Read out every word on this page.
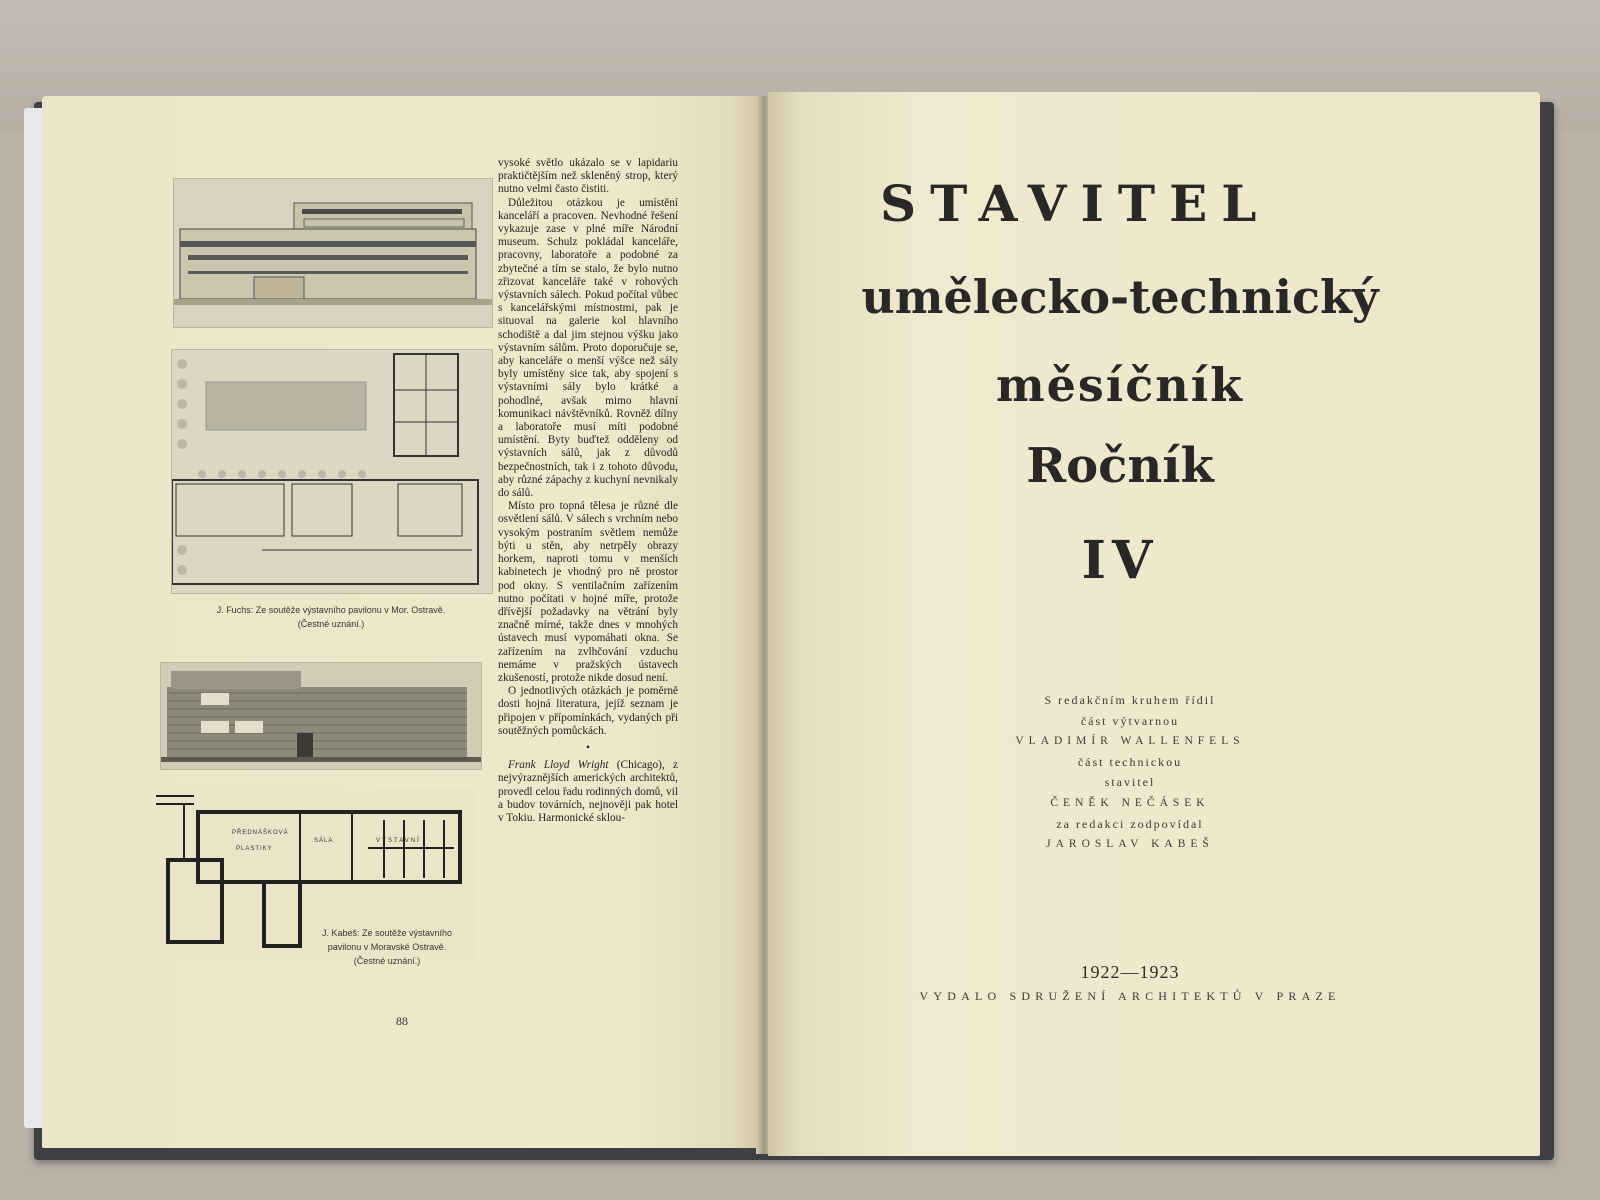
J. Fuchs: Ze soutěže výstavního pavilonu v Mor. Ostravě.
(Čestné uznání.)
PŘEDNÁŠKOVÁ
PLASTIKY
SÁLA	VÝSTAVNÍ
J. Kabeš: Ze soutěže výstavního
pavilonu v Moravské Ostravě.
(Čestné uznání.)

vysoké světlo ukázalo se v lapidariu praktičtějším než skleněný strop, který nutno velmi často čistiti.

Důležitou otázkou je umístění kanceláří a pracoven. Nevhodné řešení vykazuje zase v plné míře Národní museum. Schulz pokládal kanceláře, pracovny, laboratoře a podobné za zbytečné a tím se stalo, že bylo nutno zřizovat kanceláře také v rohových výstavních sálech. Pokud počítal vůbec s kancelářskými místnostmi, pak je situoval na galerie kol hlavního schodiště a dal jim stejnou výšku jako výstavním sálům. Proto doporučuje se, aby kanceláře o menší výšce než sály byly umístěny sice tak, aby spojení s výstavními sály bylo krátké a pohodlné, avšak mimo hlavní komunikaci návštěvníků. Rovněž dílny a laboratoře musí míti podobné umístění. Byty buďtež odděleny od výstavních sálů, jak z důvodů bezpečnostních, tak i z tohoto důvodu, aby různé zápachy z kuchyní nevnikaly do sálů.

Místo pro topná tělesa je různé dle osvětlení sálů. V sálech s vrchním nebo vysokým postraním světlem nemůže býti u stěn, aby netrpěly obrazy horkem, naproti tomu v menších kabinetech je vhodný pro ně prostor pod okny. S ventilačním zařízením nutno počítati v hojné míře, protože dřívější požadavky na větrání byly značně mírné, takže dnes v mnohých ústavech musí vypomáhati okna. Se zařízením na zvlhčování vzduchu nemáme v pražských ústavech zkušeností, protože nikde dosud není.

O jednotlivých otázkách je poměrně dosti hojná literatura, jejíž seznam je připojen v přípomínkách, vydaných při soutěžných pomůckách.

•

Frank Lloyd Wright (Chicago), z nejvýraznějších amerických architektů, provedl celou řadu rodinných domů, vil a budov továrních, nejnověji pak hotel v Tokiu. Harmonické sklou-

88
STAVITEL
umělecko-technický
měsíčník
Ročník
IV
S redakčním kruhem řídil
část výtvarnou
VLADIMÍR WALLENFELS
část technickou
stavitel
ČENĚK NEČÁSEK
za redakci zodpovídal
JAROSLAV KABEŠ
1922—1923
VYDALO SDRUŽENÍ ARCHITEKTŮ V PRAZE
